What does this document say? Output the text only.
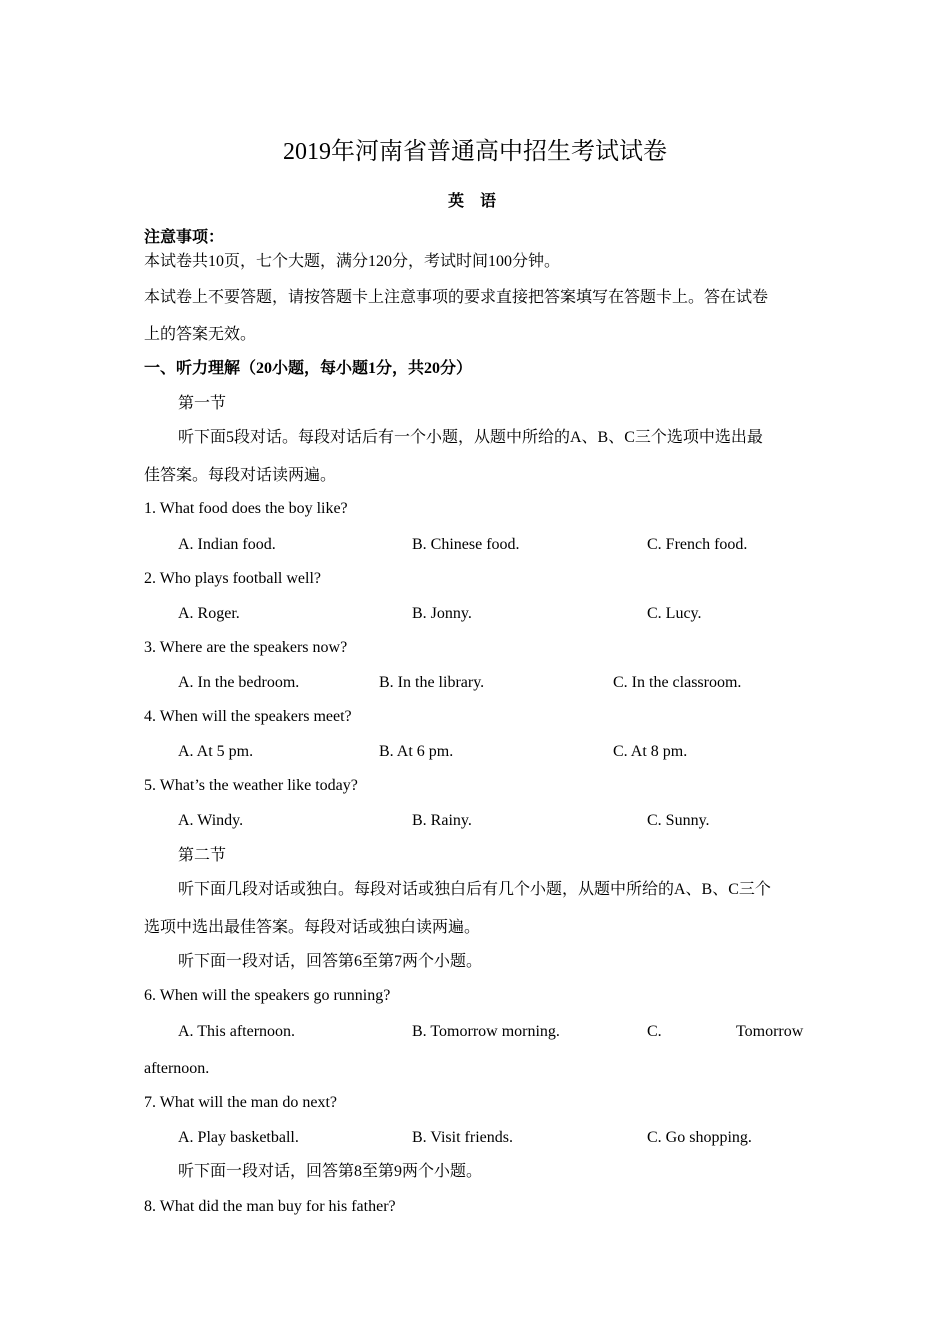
2019年河南省普通高中招生考试试卷
英 语
注意事项：
本试卷共10页，七个大题，满分120分，考试时间100分钟。
本试卷上不要答题，请按答题卡上注意事项的要求直接把答案填写在答题卡上。答在试卷
上的答案无效。
一、听力理解（20小题，每小题1分，共20分）
第一节
听下面5段对话。每段对话后有一个小题，从题中所给的A、B、C三个选项中选出最
佳答案。每段对话读两遍。
1. What food does the boy like?
A. Indian food.	B. Chinese food.	C. French food.
2. Who plays football well?
A. Roger.	B. Jonny.	C. Lucy.
3. Where are the speakers now?
A. In the bedroom.	B. In the library.	C. In the classroom.
4. When will the speakers meet?
A. At 5 pm.	B. At 6 pm.	C. At 8 pm.
5. What’s the weather like today?
A. Windy.	B. Rainy.	C. Sunny.
第二节
听下面几段对话或独白。每段对话或独白后有几个小题，从题中所给的A、B、C三个
选项中选出最佳答案。每段对话或独白读两遍。
听下面一段对话，回答第6至第7两个小题。
6. When will the speakers go running?
A. This afternoon.	B. Tomorrow morning.	C.	Tomorrow
afternoon.
7. What will the man do next?
A. Play basketball.	B. Visit friends.	C. Go shopping.
听下面一段对话，回答第8至第9两个小题。
8. What did the man buy for his father?
